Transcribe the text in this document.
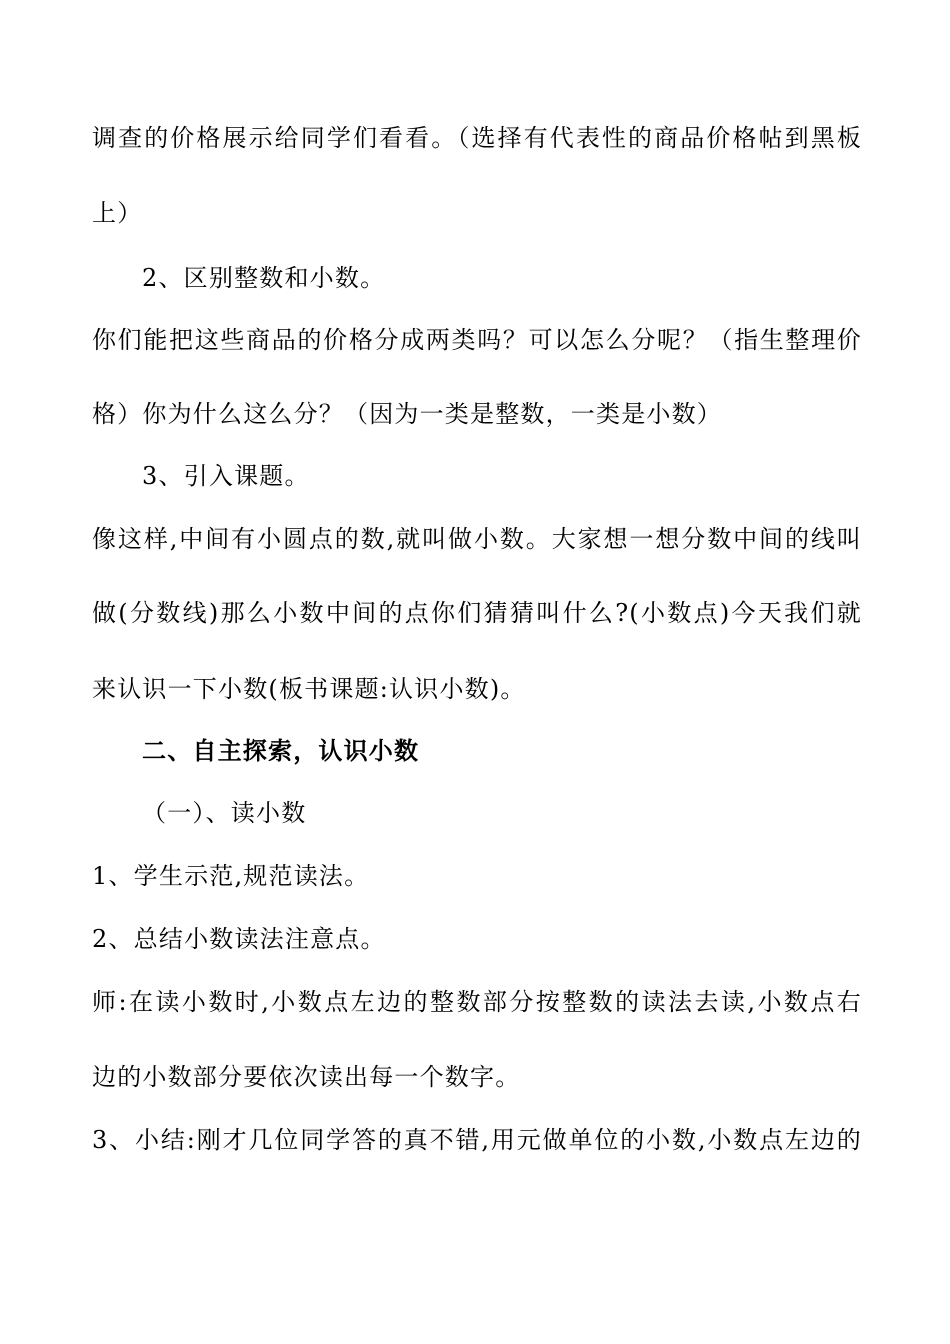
调查的价格展示给同学们看看。（选择有代表性的商品价格帖到黑板
上）
2、区别整数和小数。
你们能把这些商品的价格分成两类吗？可以怎么分呢？（指生整理价
格）你为什么这么分？（因为一类是整数，一类是小数）
3、引入课题。
像这样,中间有小圆点的数,就叫做小数。大家想一想分数中间的线叫
做(分数线)那么小数中间的点你们猜猜叫什么?(小数点)今天我们就
来认识一下小数(板书课题:认识小数)。
二、自主探索，认识小数
（一）、读小数
1、学生示范,规范读法。
2、总结小数读法注意点。
师:在读小数时,小数点左边的整数部分按整数的读法去读,小数点右
边的小数部分要依次读出每一个数字。
3、小结:刚才几位同学答的真不错,用元做单位的小数,小数点左边的
